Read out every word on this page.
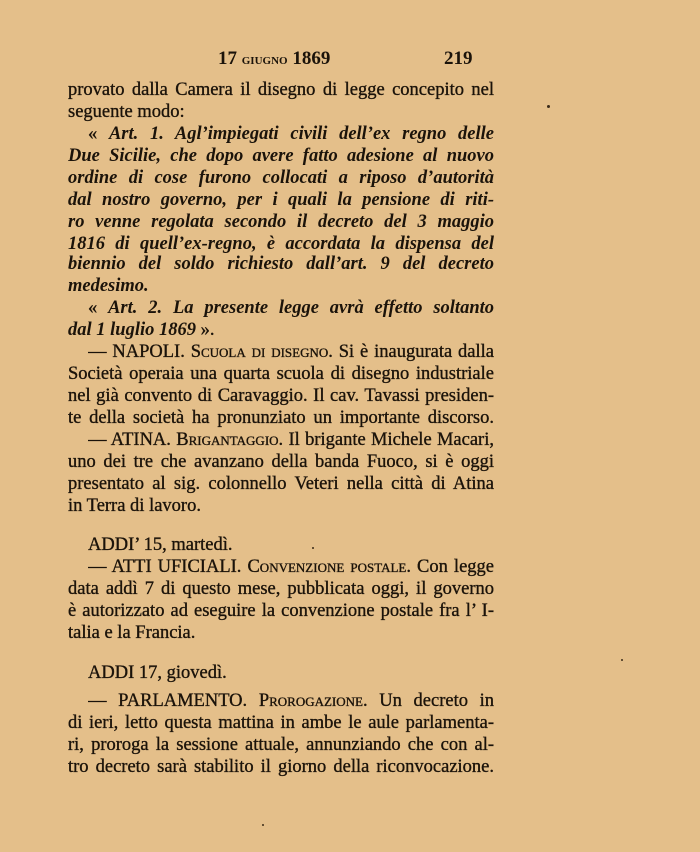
17 giugno 1869	219
provato dalla Camera il disegno di legge concepito nel
seguente modo:
« Art. 1. Agl’impiegati civili dell’ex regno delle
Due Sicilie, che dopo avere fatto adesione al nuovo
ordine di cose furono collocati a riposo d’autorità
dal nostro governo, per i quali la pensione di riti-
ro venne regolata secondo il decreto del 3 maggio
1816 di quell’ex-regno, è accordata la dispensa del
biennio del soldo richiesto dall’art. 9 del decreto
medesimo.
« Art. 2. La presente legge avrà effetto soltanto
dal 1 luglio 1869 ».
— NAPOLI. Scuola di disegno. Si è inaugurata dalla
Società operaia una quarta scuola di disegno industriale
nel già convento di Caravaggio. Il cav. Tavassi presiden-
te della società ha pronunziato un importante discorso.
— ATINA. Brigantaggio. Il brigante Michele Macari,
uno dei tre che avanzano della banda Fuoco, si è oggi
presentato al sig. colonnello Veteri nella città di Atina
in Terra di lavoro.
ADDI’ 15, martedì.
— ATTI UFICIALI. Convenzione postale. Con legge
data addì 7 di questo mese, pubblicata oggi, il governo
è autorizzato ad eseguire la convenzione postale fra l’ I-
talia e la Francia.
ADDI 17, giovedì.
— PARLAMENTO. Prorogazione. Un decreto in
di ieri, letto questa mattina in ambe le aule parlamenta-
ri, proroga la sessione attuale, annunziando che con al-
tro decreto sarà stabilito il giorno della riconvocazione.
